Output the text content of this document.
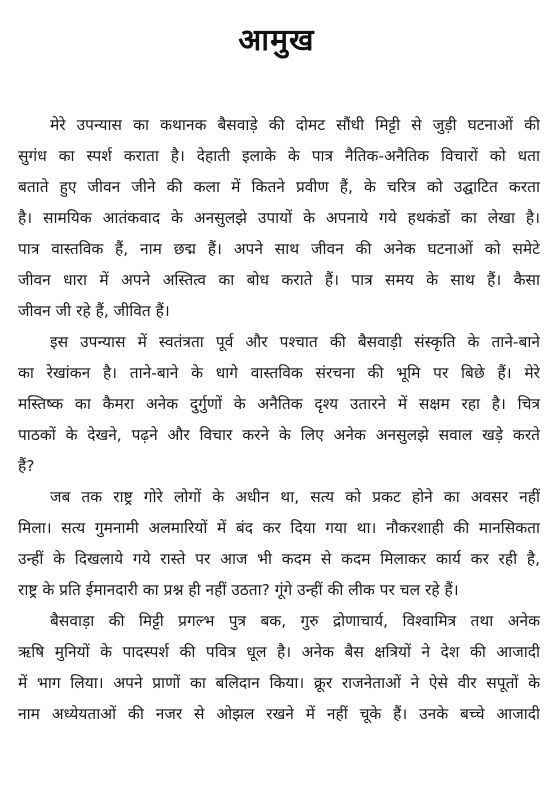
आमुख
मेरे उपन्यास का कथानक बैसवाड़े की दोमट सौंधी मिट्टी से जुड़ी घटनाओं की
सुगंध का स्पर्श कराता है। देहाती इलाके के पात्र नैतिक-अनैतिक विचारों को धता
बताते हुए जीवन जीने की कला में कितने प्रवीण हैं, के चरित्र को उद्घाटित करता
है। सामयिक आतंकवाद के अनसुलझे उपायों के अपनाये गये हथकंडों का लेखा है।
पात्र वास्तविक हैं, नाम छद्म हैं। अपने साथ जीवन की अनेक घटनाओं को समेटे
जीवन धारा में अपने अस्तित्व का बोध कराते हैं। पात्र समय के साथ हैं। कैसा
जीवन जी रहे हैं, जीवित हैं।
इस उपन्यास में स्वतंत्रता पूर्व और पश्चात की बैसवाड़ी संस्कृति के ताने-बाने
का रेखांकन है। ताने-बाने के धागे वास्तविक संरचना की भूमि पर बिछे हैं। मेरे
मस्तिष्क का कैमरा अनेक दुर्गुणों के अनैतिक दृश्य उतारने में सक्षम रहा है। चित्र
पाठकों के देखने, पढ़ने और विचार करने के लिए अनेक अनसुलझे सवाल खड़े करते
हैं?
जब तक राष्ट्र गोरे लोगों के अधीन था, सत्य को प्रकट होने का अवसर नहीं
मिला। सत्य गुमनामी अलमारियों में बंद कर दिया गया था। नौकरशाही की मानसिकता
उन्हीं के दिखलाये गये रास्ते पर आज भी कदम से कदम मिलाकर कार्य कर रही है,
राष्ट्र के प्रति ईमानदारी का प्रश्न ही नहीं उठता? गूंगे उन्हीं की लीक पर चल रहे हैं।
बैसवाड़ा की मिट्टी प्रगल्भ पुत्र बक, गुरु द्रोणाचार्य, विश्वामित्र तथा अनेक
ऋषि मुनियों के पादस्पर्श की पवित्र धूल है। अनेक बैस क्षत्रियों ने देश की आजादी
में भाग लिया। अपने प्राणों का बलिदान किया। क्रूर राजनेताओं ने ऐसे वीर सपूतों के
नाम अध्येयताओं की नजर से ओझल रखने में नहीं चूके हैं। उनके बच्चे आजादी
